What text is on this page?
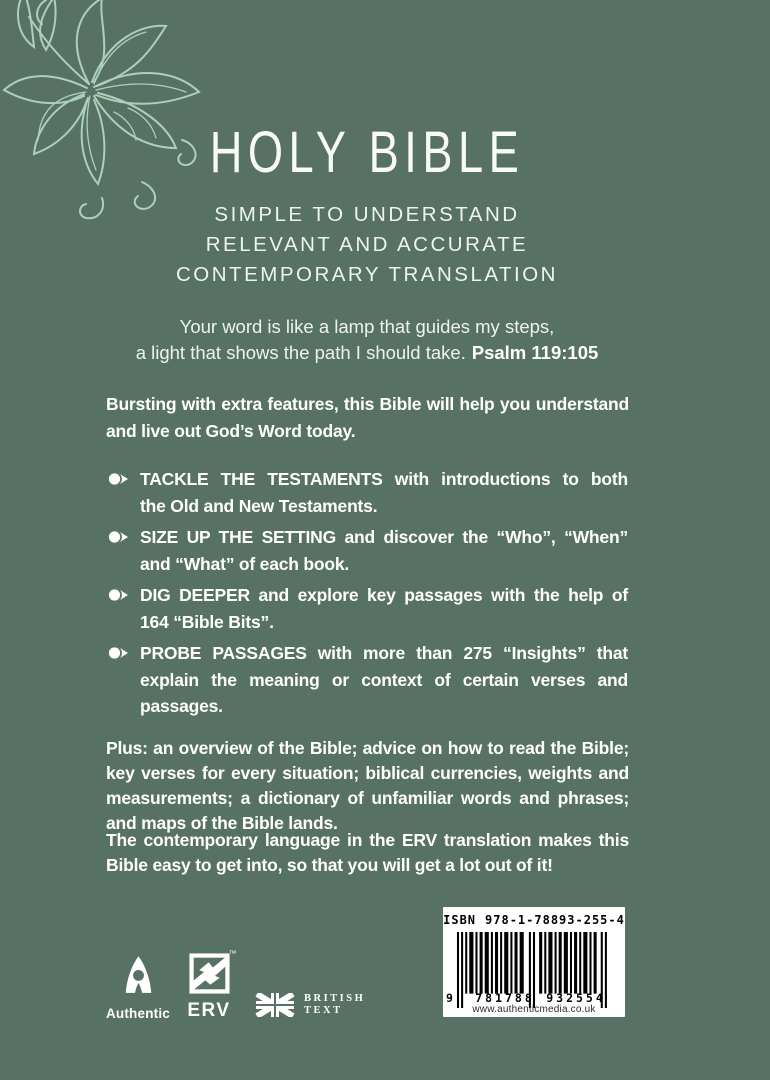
HOLY BIBLE
SIMPLE TO UNDERSTAND
RELEVANT AND ACCURATE
CONTEMPORARY TRANSLATION
Your word is like a lamp that guides my steps,
a light that shows the path I should take. Psalm 119:105
Bursting with extra features, this Bible will help you understand
and live out God’s Word today.
TACKLE THE TESTAMENTS with introductions to both
the Old and New Testaments.
SIZE UP THE SETTING and discover the “Who”, “When”
and “What” of each book.
DIG DEEPER and explore key passages with the help of
164 “Bible Bits”.
PROBE PASSAGES with more than 275 “Insights” that
explain the meaning or context of certain verses and
passages.
Plus: an overview of the Bible; advice on how to read the Bible;
key verses for every situation; biblical currencies, weights and
measurements; a dictionary of unfamiliar words and phrases;
and maps of the Bible lands.
The contemporary language in the ERV translation makes this
Bible easy to get into, so that you will get a lot out of it!
Authentic
™
ERV
BRITISH
TEXT
ISBN 978-1-78893-255-4
9 781788 932554
www.authenticmedia.co.uk
